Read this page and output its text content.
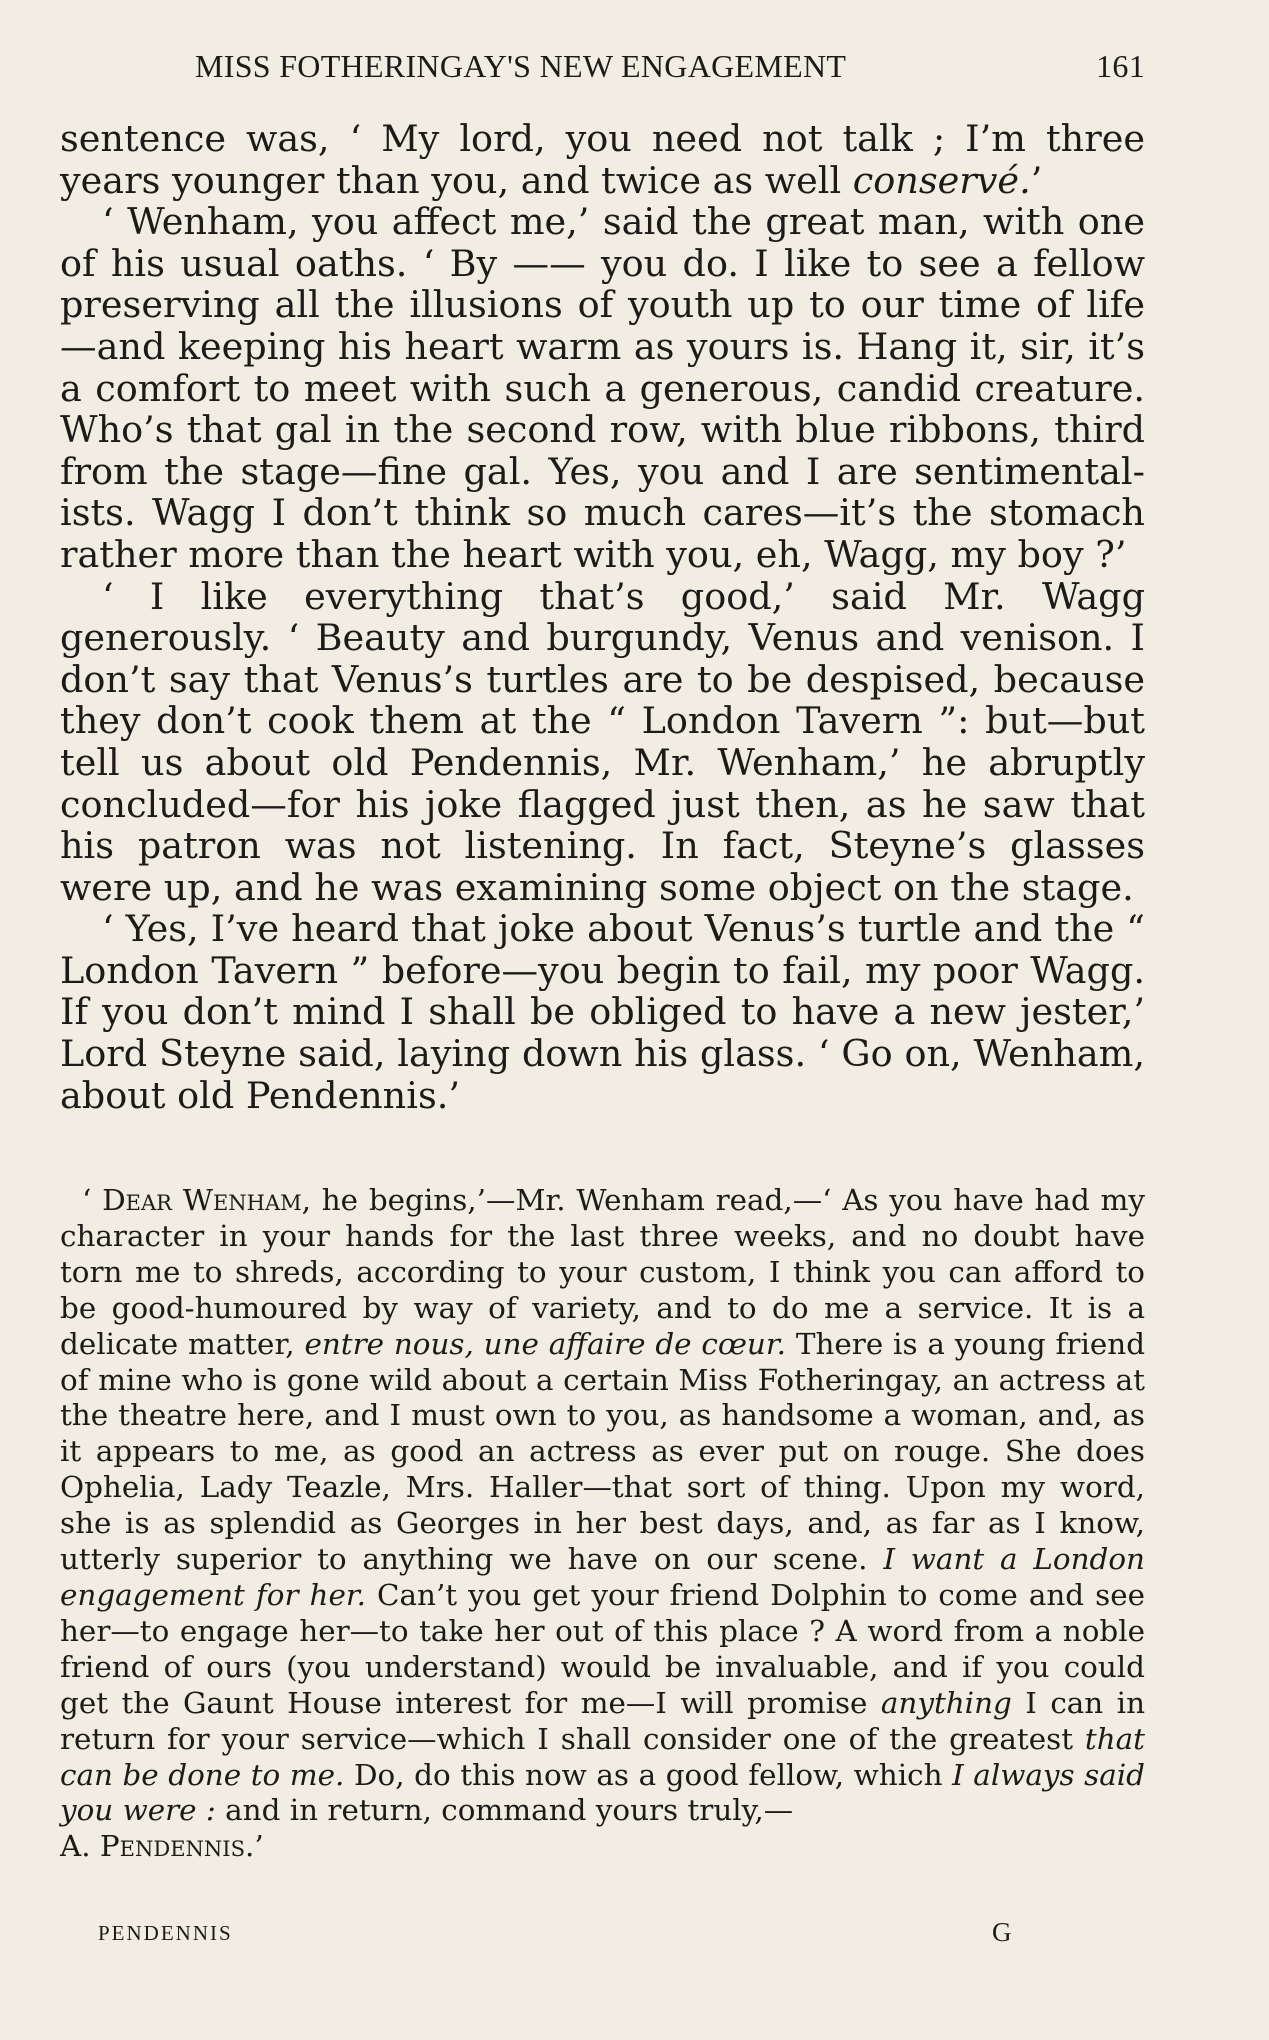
MISS FOTHERINGAY'S NEW ENGAGEMENT	161

sentence was, ‘ My lord, you need not talk ; I’m three years younger than you, and twice as well conservé.’

‘ Wenham, you affect me,’ said the great man, with one of his usual oaths. ‘ By —— you do. I like to see a fellow preserving all the illusions of youth up to our time of life—and keeping his heart warm as yours is. Hang it, sir, it’s a comfort to meet with such a generous, candid creature. Who’s that gal in the second row, with blue ribbons, third from the stage—fine gal. Yes, you and I are sentimental-ists. Wagg I don’t think so much cares—it’s the stomach rather more than the heart with you, eh, Wagg, my boy ?’

‘ I like everything that’s good,’ said Mr. Wagg generously. ‘ Beauty and burgundy, Venus and venison. I don’t say that Venus’s turtles are to be despised, because they don’t cook them at the “ London Tavern ”: but—but tell us about old Pendennis, Mr. Wenham,’ he abruptly concluded—for his joke flagged just then, as he saw that his patron was not listening. In fact, Steyne’s glasses were up, and he was examining some object on the stage.

‘ Yes, I’ve heard that joke about Venus’s turtle and the “ London Tavern ” before—you begin to fail, my poor Wagg. If you don’t mind I shall be obliged to have a new jester,’ Lord Steyne said, laying down his glass. ‘ Go on, Wenham, about old Pendennis.’

‘ Dear Wenham, he begins,’—Mr. Wenham read,—‘ As you have had my character in your hands for the last three weeks, and no doubt have torn me to shreds, according to your custom, I think you can afford to be good-humoured by way of variety, and to do me a service. It is a delicate matter, entre nous, une affaire de cœur. There is a young friend of mine who is gone wild about a certain Miss Fotheringay, an actress at the theatre here, and I must own to you, as handsome a woman, and, as it appears to me, as good an actress as ever put on rouge. She does Ophelia, Lady Teazle, Mrs. Haller—that sort of thing. Upon my word, she is as splendid as Georges in her best days, and, as far as I know, utterly superior to anything we have on our scene. I want a London engagement for her. Can’t you get your friend Dolphin to come and see her—to engage her—to take her out of this place ? A word from a noble friend of ours (you understand) would be invaluable, and if you could get the Gaunt House interest for me—I will promise anything I can in return for your service—which I shall consider one of the greatest that can be done to me. Do, do this now as a good fellow, which I always said you were : and in return, command yours truly,—
A. Pendennis.’

PENDENNIS	G
